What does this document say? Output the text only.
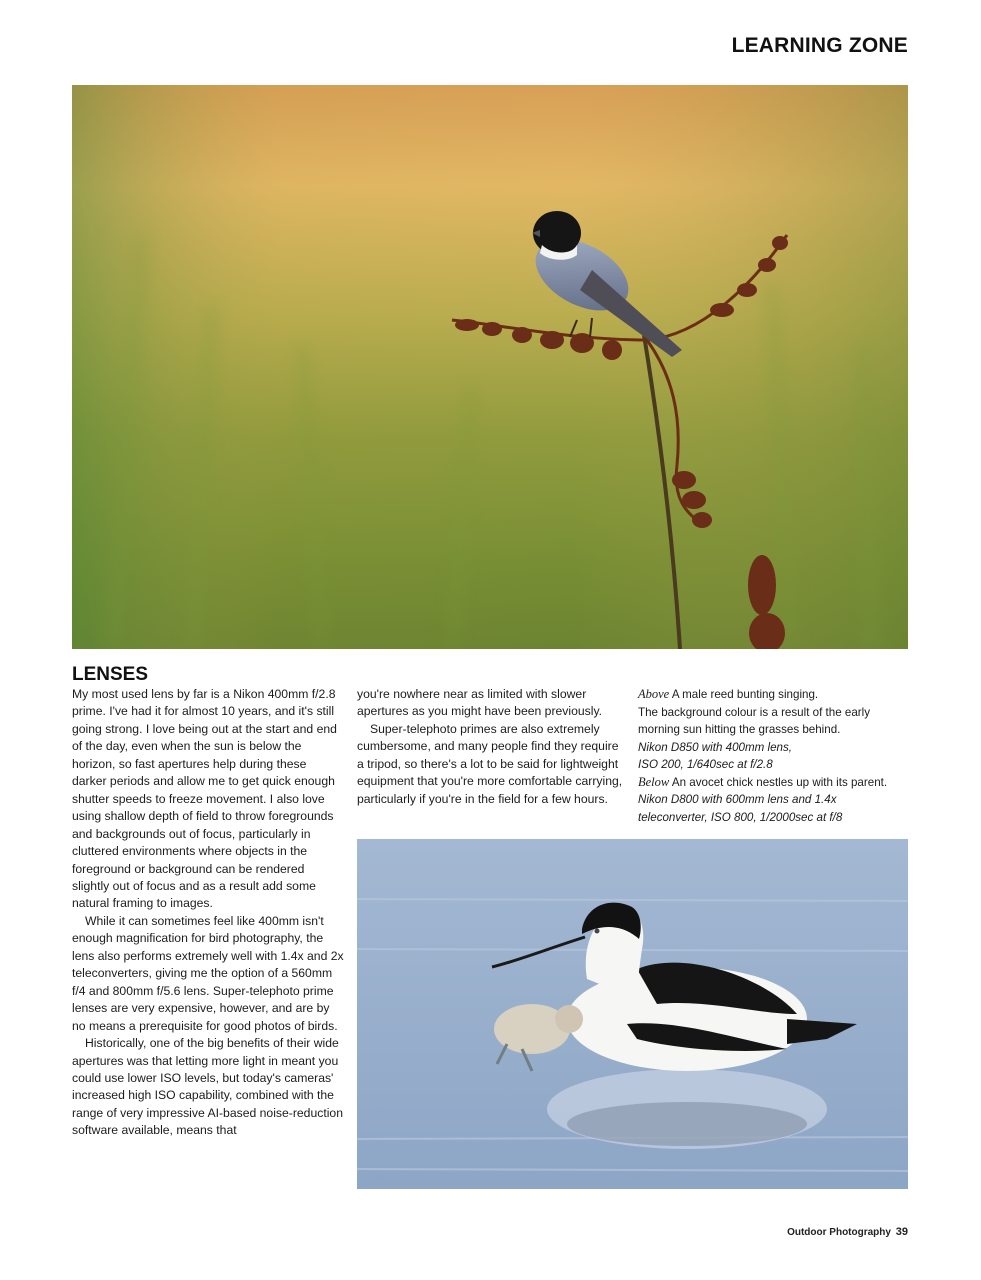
LEARNING ZONE
LENSES

My most used lens by far is a Nikon 400mm f/2.8 prime. I've had it for almost 10 years, and it's still going strong. I love being out at the start and end of the day, even when the sun is below the horizon, so fast apertures help during these darker periods and allow me to get quick enough shutter speeds to freeze movement. I also love using shallow depth of field to throw foregrounds and backgrounds out of focus, particularly in cluttered environments where objects in the foreground or background can be rendered slightly out of focus and as a result add some natural framing to images.

While it can sometimes feel like 400mm isn't enough magnification for bird photography, the lens also performs extremely well with 1.4x and 2x teleconverters, giving me the option of a 560mm f/4 and 800mm f/5.6 lens. Super-telephoto prime lenses are very expensive, however, and are by no means a prerequisite for good photos of birds.

Historically, one of the big benefits of their wide apertures was that letting more light in meant you could use lower ISO levels, but today's cameras' increased high ISO capability, combined with the range of very impressive AI-based noise-reduction software available, means that

you're nowhere near as limited with slower apertures as you might have been previously.

Super-telephoto primes are also extremely cumbersome, and many people find they require a tripod, so there's a lot to be said for lightweight equipment that you're more comfortable carrying, particularly if you're in the field for a few hours.

Above A male reed bunting singing.
The background colour is a result of the early
morning sun hitting the grasses behind.
Nikon D850 with 400mm lens,
ISO 200, 1/640sec at f/2.8
Below An avocet chick nestles up with its parent.
Nikon D800 with 600mm lens and 1.4x
teleconverter, ISO 800, 1/2000sec at f/8
Outdoor Photography 39
